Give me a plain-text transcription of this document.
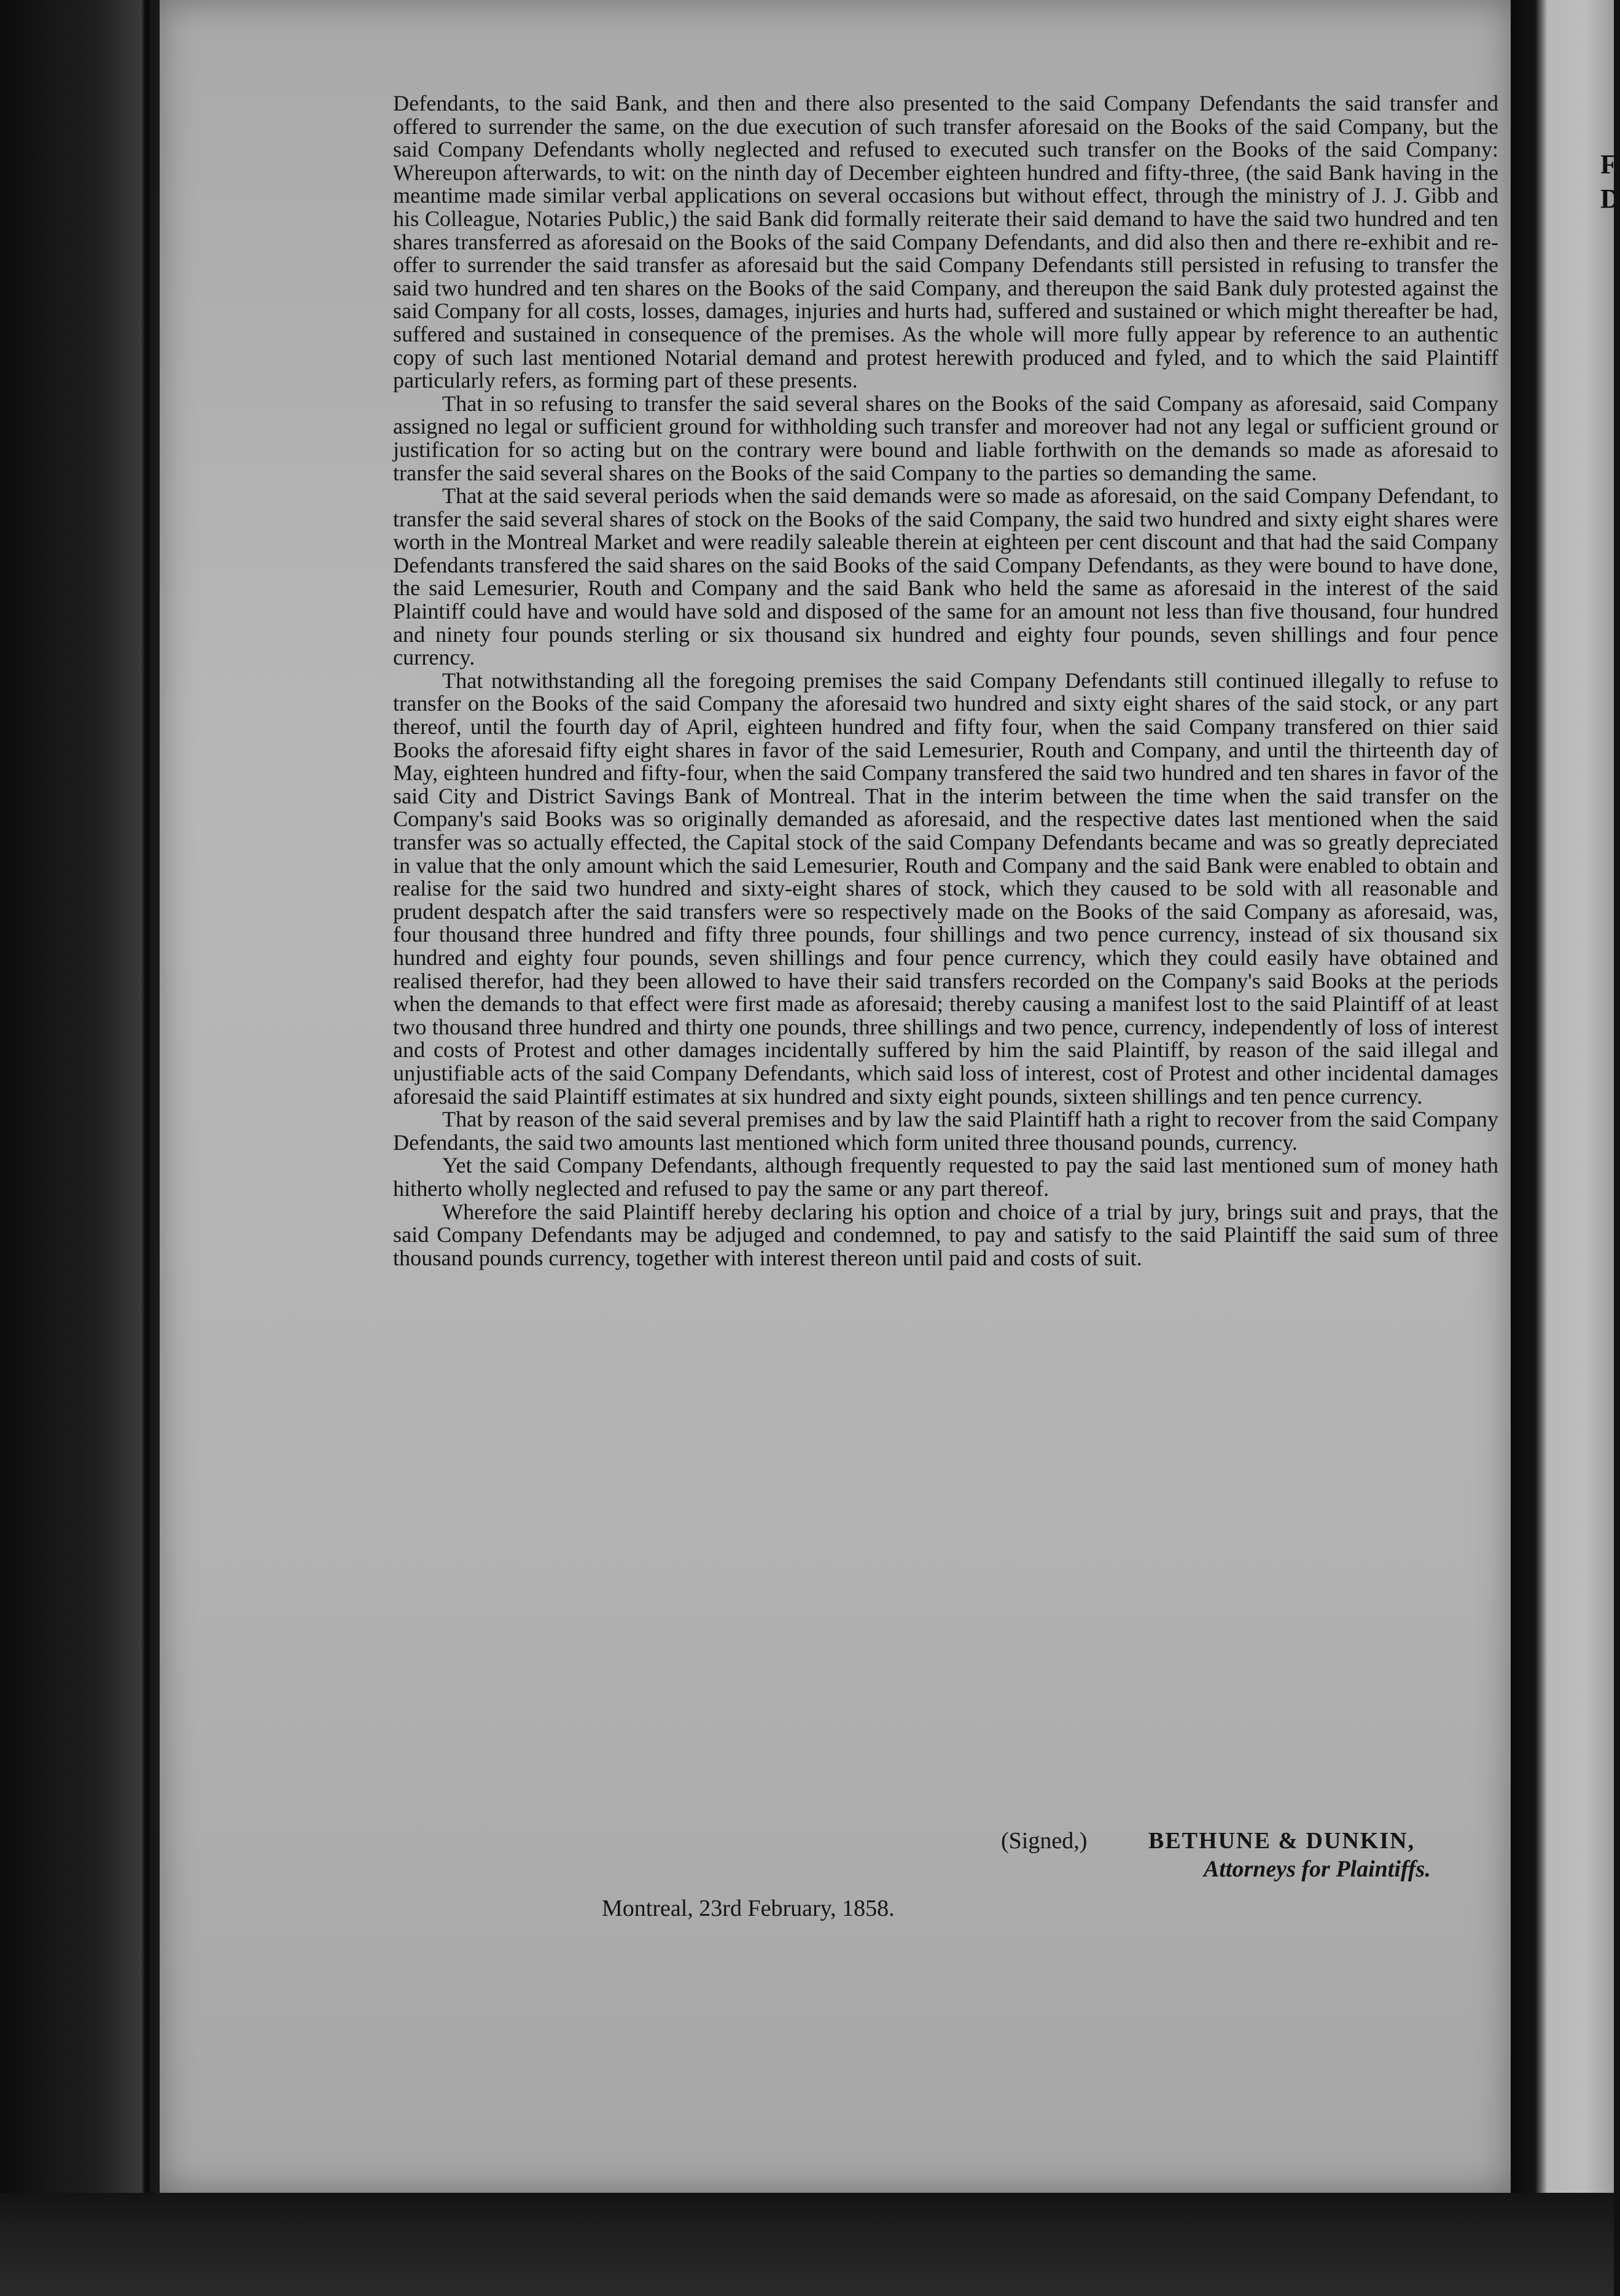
F
D

Defendants, to the said Bank, and then and there also presented to the said Company Defendants the said transfer and offered to surrender the same, on the due execution of such transfer aforesaid on the Books of the said Company, but the said Company Defendants wholly neglected and refused to executed such transfer on the Books of the said Company: Whereupon afterwards, to wit: on the ninth day of December eighteen hundred and fifty-three, (the said Bank having in the meantime made similar verbal applications on several occasions but without effect, through the ministry of J. J. Gibb and his Colleague, Notaries Public,) the said Bank did formally reiterate their said demand to have the said two hundred and ten shares transferred as aforesaid on the Books of the said Company Defendants, and did also then and there re-exhibit and re-offer to surrender the said transfer as aforesaid but the said Company Defendants still persisted in refusing to transfer the said two hundred and ten shares on the Books of the said Company, and thereupon the said Bank duly protested against the said Company for all costs, losses, damages, injuries and hurts had, suffered and sustained or which might thereafter be had, suffered and sustained in consequence of the premises. As the whole will more fully appear by reference to an authentic copy of such last mentioned Notarial demand and protest herewith produced and fyled, and to which the said Plaintiff particularly refers, as forming part of these presents.

That in so refusing to transfer the said several shares on the Books of the said Company as aforesaid, said Company assigned no legal or sufficient ground for withholding such transfer and moreover had not any legal or sufficient ground or justification for so acting but on the contrary were bound and liable forthwith on the demands so made as aforesaid to transfer the said several shares on the Books of the said Company to the parties so demanding the same.

That at the said several periods when the said demands were so made as aforesaid, on the said Company Defendant, to transfer the said several shares of stock on the Books of the said Company, the said two hundred and sixty eight shares were worth in the Montreal Market and were readily saleable therein at eighteen per cent discount and that had the said Company Defendants transfered the said shares on the said Books of the said Company Defendants, as they were bound to have done, the said Lemesurier, Routh and Company and the said Bank who held the same as aforesaid in the interest of the said Plaintiff could have and would have sold and disposed of the same for an amount not less than five thousand, four hundred and ninety four pounds sterling or six thousand six hundred and eighty four pounds, seven shillings and four pence currency.

That notwithstanding all the foregoing premises the said Company Defendants still continued illegally to refuse to transfer on the Books of the said Company the aforesaid two hundred and sixty eight shares of the said stock, or any part thereof, until the fourth day of April, eighteen hundred and fifty four, when the said Company transfered on thier said Books the aforesaid fifty eight shares in favor of the said Lemesurier, Routh and Company, and until the thirteenth day of May, eighteen hundred and fifty-four, when the said Company transfered the said two hundred and ten shares in favor of the said City and District Savings Bank of Montreal. That in the interim between the time when the said transfer on the Company's said Books was so originally demanded as aforesaid, and the respective dates last mentioned when the said transfer was so actually effected, the Capital stock of the said Company Defendants became and was so greatly depreciated in value that the only amount which the said Lemesurier, Routh and Company and the said Bank were enabled to obtain and realise for the said two hundred and sixty-eight shares of stock, which they caused to be sold with all reasonable and prudent despatch after the said transfers were so respectively made on the Books of the said Company as aforesaid, was, four thousand three hundred and fifty three pounds, four shillings and two pence currency, instead of six thousand six hundred and eighty four pounds, seven shillings and four pence currency, which they could easily have obtained and realised therefor, had they been allowed to have their said transfers recorded on the Company's said Books at the periods when the demands to that effect were first made as aforesaid; thereby causing a manifest lost to the said Plaintiff of at least two thousand three hundred and thirty one pounds, three shillings and two pence, currency, independently of loss of interest and costs of Protest and other damages incidentally suffered by him the said Plaintiff, by reason of the said illegal and unjustifiable acts of the said Company Defendants, which said loss of interest, cost of Protest and other incidental damages aforesaid the said Plaintiff estimates at six hundred and sixty eight pounds, sixteen shillings and ten pence currency.

That by reason of the said several premises and by law the said Plaintiff hath a right to recover from the said Company Defendants, the said two amounts last mentioned which form united three thousand pounds, currency.

Yet the said Company Defendants, although frequently requested to pay the said last mentioned sum of money hath hitherto wholly neglected and refused to pay the same or any part thereof.

Wherefore the said Plaintiff hereby declaring his option and choice of a trial by jury, brings suit and prays, that the said Company Defendants may be adjuged and condemned, to pay and satisfy to the said Plaintiff the said sum of three thousand pounds currency, together with interest thereon until paid and costs of suit.

(Signed,)	BETHUNE & DUNKIN,
Attorneys for Plaintiffs.
Montreal, 23rd February, 1858.
